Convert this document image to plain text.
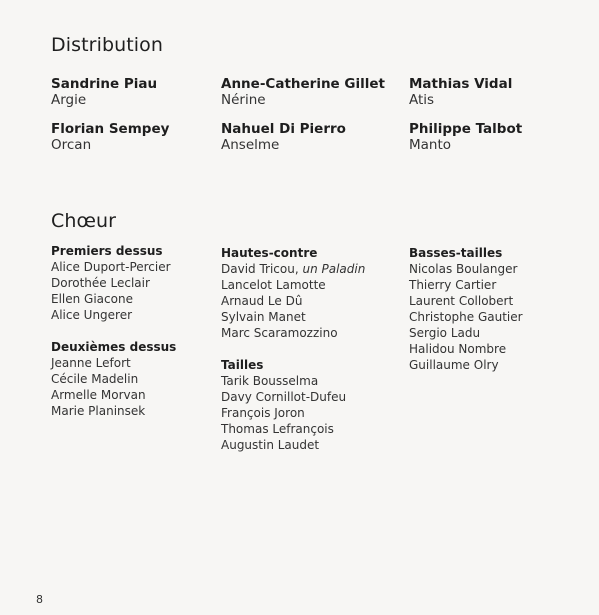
Distribution
Sandrine Piau
Argie
Anne-Catherine Gillet
Nérine
Mathias Vidal
Atis
Florian Sempey
Orcan
Nahuel Di Pierro
Anselme
Philippe Talbot
Manto
Chœur
Premiers dessus
Alice Duport-Percier
Dorothée Leclair
Ellen Giacone
Alice Ungerer
Deuxièmes dessus
Jeanne Lefort
Cécile Madelin
Armelle Morvan
Marie Planinsek
Hautes-contre
David Tricou, un Paladin
Lancelot Lamotte
Arnaud Le Dû
Sylvain Manet
Marc Scaramozzino
Tailles
Tarik Bousselma
Davy Cornillot-Dufeu
François Joron
Thomas Lefrançois
Augustin Laudet
Basses-tailles
Nicolas Boulanger
Thierry Cartier
Laurent Collobert
Christophe Gautier
Sergio Ladu
Halidou Nombre
Guillaume Olry
8
